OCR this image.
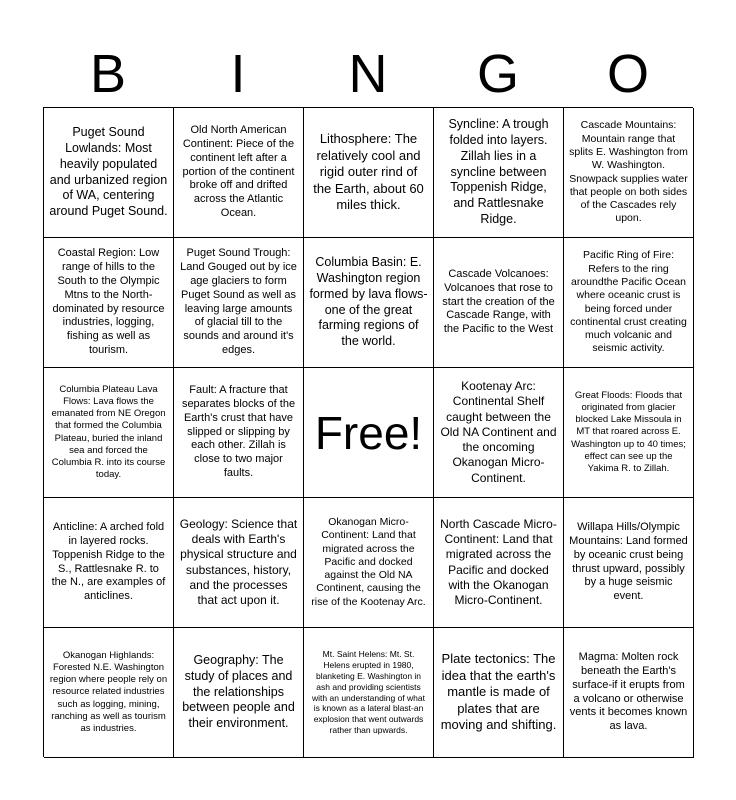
B	I	N	G	O
Puget Sound Lowlands: Most heavily populated and urbanized region of WA, centering around Puget Sound.
Old North American Continent: Piece of the continent left after a portion of the continent broke off and drifted across the Atlantic Ocean.
Lithosphere: The relatively cool and rigid outer rind of the Earth, about 60 miles thick.
Syncline: A trough folded into layers. Zillah lies in a syncline between Toppenish Ridge, and Rattlesnake Ridge.
Cascade Mountains: Mountain range that splits E. Washington from W. Washington. Snowpack supplies water that people on both sides of the Cascades rely upon.
Coastal Region: Low range of hills to the South to the Olympic Mtns to the North-dominated by resource industries, logging, fishing as well as tourism.
Puget Sound Trough: Land Gouged out by ice age glaciers to form Puget Sound as well as leaving large amounts of glacial till to the sounds and around it's edges.
Columbia Basin: E. Washington region formed by lava flows-one of the great farming regions of the world.
Cascade Volcanoes: Volcanoes that rose to start the creation of the Cascade Range, with the Pacific to the West
Pacific Ring of Fire: Refers to the ring aroundthe Pacific Ocean where oceanic crust is being forced under continental crust creating much volcanic and seismic activity.
Columbia Plateau Lava Flows: Lava flows the emanated from NE Oregon that formed the Columbia Plateau, buried the inland sea and forced the Columbia R. into its course today.
Fault: A fracture that separates blocks of the Earth's crust that have slipped or slipping by each other. Zillah is close to two major faults.
Free!
Kootenay Arc: Continental Shelf caught between the Old NA Continent and the oncoming Okanogan Micro-Continent.
Great Floods: Floods that originated from glacier blocked Lake Missoula in MT that roared across E. Washington up to 40 times; effect can see up the Yakima R. to Zillah.
Anticline: A arched fold in layered rocks. Toppenish Ridge to the S., Rattlesnake R. to the N., are examples of anticlines.
Geology: Science that deals with Earth's physical structure and substances, history, and the processes that act upon it.
Okanogan Micro-Continent: Land that migrated across the Pacific and docked against the Old NA Continent, causing the rise of the Kootenay Arc.
North Cascade Micro-Continent: Land that migrated across the Pacific and docked with the Okanogan Micro-Continent.
Willapa Hills/Olympic Mountains: Land formed by oceanic crust being thrust upward, possibly by a huge seismic event.
Okanogan Highlands: Forested N.E. Washington region where people rely on resource related industries such as logging, mining, ranching as well as tourism as industries.
Geography: The study of places and the relationships between people and their environment.
Mt. Saint Helens: Mt. St. Helens erupted in 1980, blanketing E. Washington in ash and providing scientists with an understanding of what is known as a lateral blast-an explosion that went outwards rather than upwards.
Plate tectonics: The idea that the earth's mantle is made of plates that are moving and shifting.
Magma: Molten rock beneath the Earth's surface-if it erupts from a volcano or otherwise vents it becomes known as lava.
